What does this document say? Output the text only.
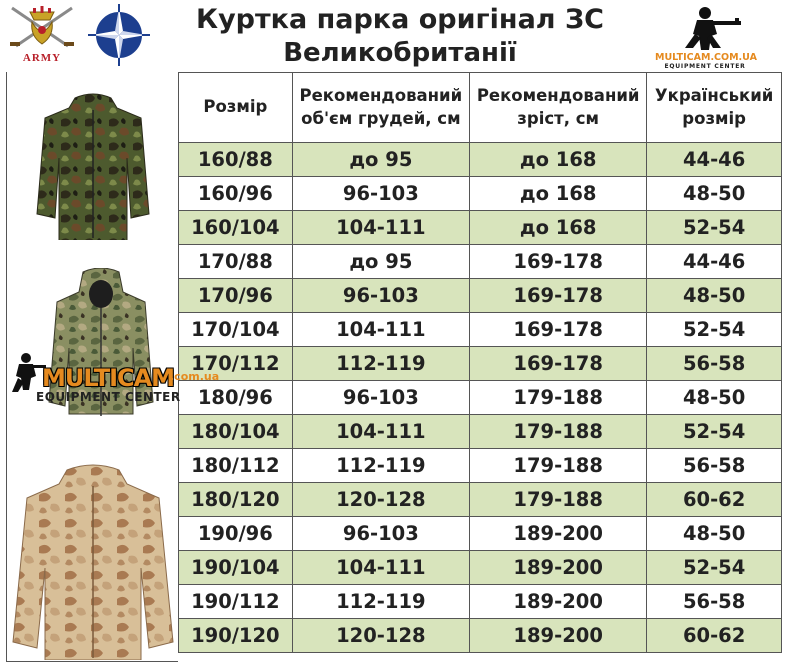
ARMY
Куртка парка оригінал ЗС
Великобританії	MULTICAM.COM.UA
EQUIPMENT CENTER
Розмір	Рекомендований об'єм грудей, см	Рекомендований зріст, см	Український розмір
160/88	до 95	до 168	44-46
160/96	96-103	до 168	48-50
160/104	104-111	до 168	52-54
170/88	до 95	169-178	44-46
170/96	96-103	169-178	48-50
170/104	104-111	169-178	52-54
170/112	112-119	169-178	56-58
180/96	96-103	179-188	48-50
180/104	104-111	179-188	52-54
180/112	112-119	179-188	56-58
180/120	120-128	179-188	60-62
190/96	96-103	189-200	48-50
190/104	104-111	189-200	52-54
190/112	112-119	189-200	56-58
190/120	120-128	189-200	60-62
MULTICAM
.com.ua
EQUIPMENT CENTER
